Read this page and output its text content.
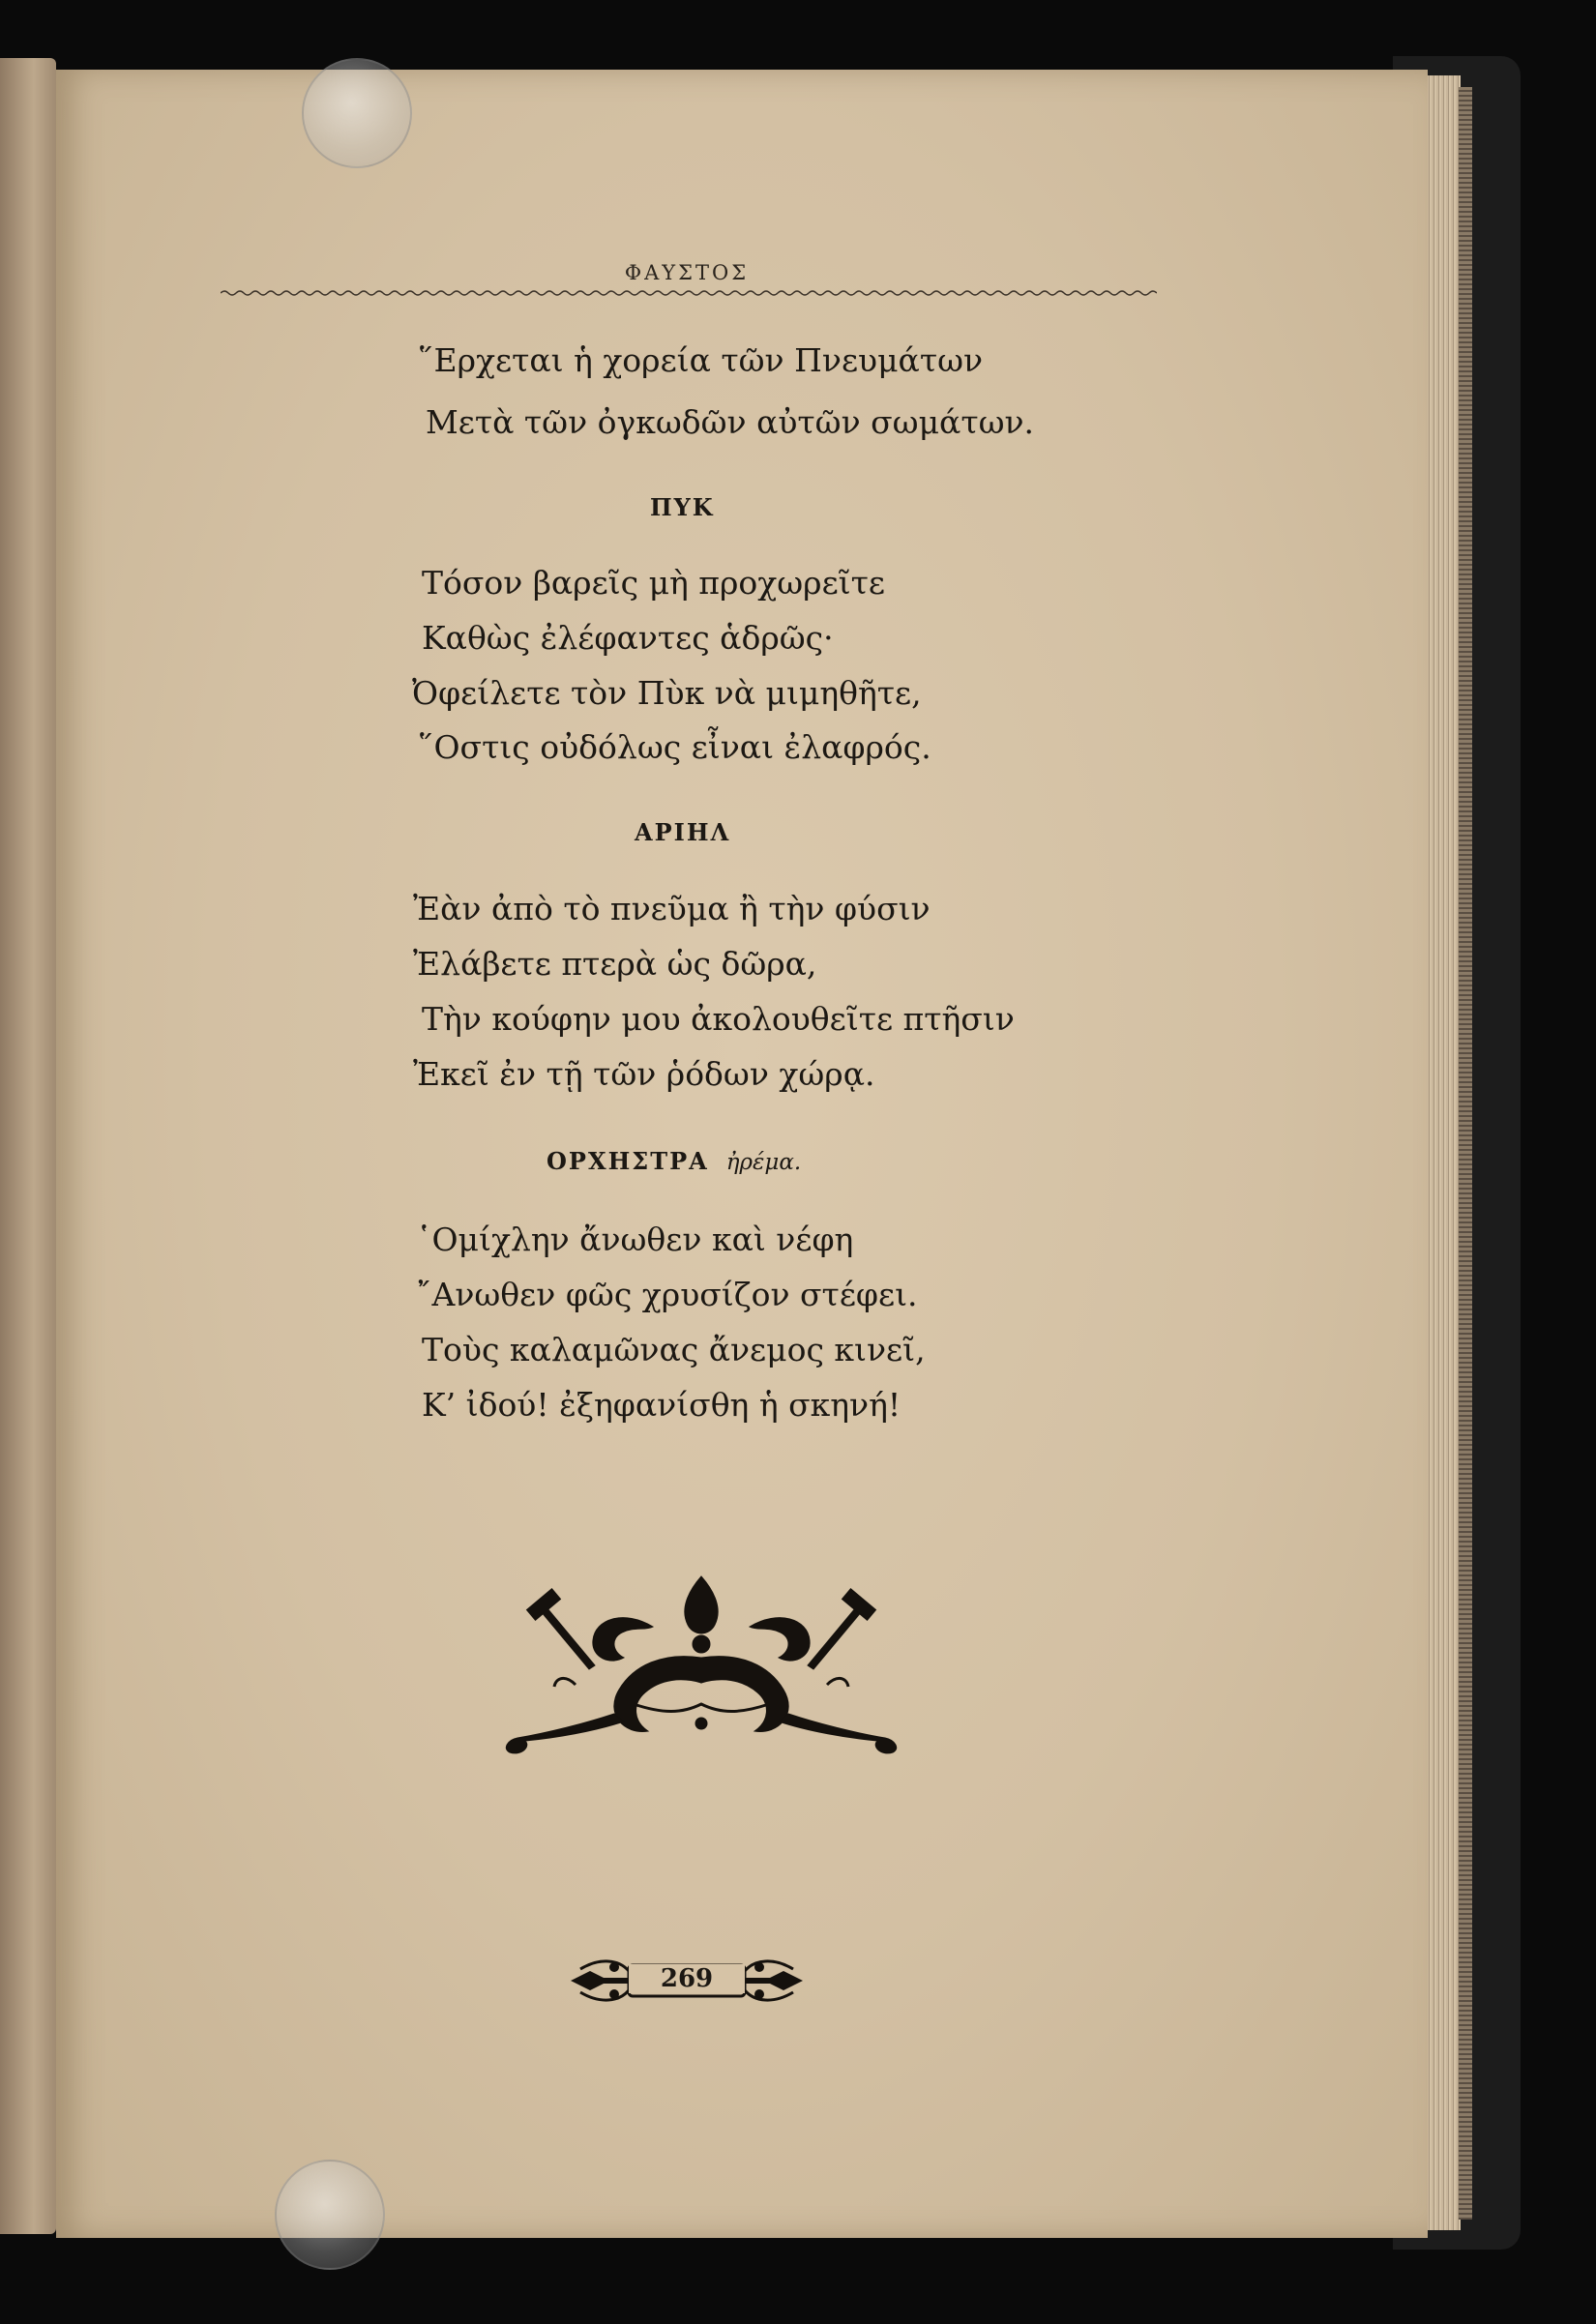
ΦΑΥΣΤΟΣ
῞Ερχεται ἡ χορεία τῶν Πνευμάτων
Μετὰ τῶν ὀγκωδῶν αὐτῶν σωμάτων.
ΠΥΚ
Τόσον βαρεῖς μὴ προχωρεῖτε
Καθὼς ἐλέφαντες ἁδρῶς·
Ὀφείλετε τὸν Πὺκ νὰ μιμηθῆτε,
῞Οστις οὐδόλως εἶναι ἐλαφρός.
ΑΡΙΗΛ
Ἐὰν ἀπὸ τὸ πνεῦμα ἢ τὴν φύσιν
Ἐλάβετε πτερὰ ὡς δῶρα,
Τὴν κούφην μου ἀκολουθεῖτε πτῆσιν
Ἐκεῖ ἐν τῇ τῶν ῥόδων χώρᾳ.
ΟΡΧΗΣΤΡΑ ἠρέμα.
῾Ομίχλην ἄνωθεν καὶ νέφη
῎Ανωθεν φῶς χρυσίζον στέφει.
Τοὺς καλαμῶνας ἄνεμος κινεῖ,
Κ’ ἰδού! ἐξηφανίσθη ἡ σκηνή!
269
